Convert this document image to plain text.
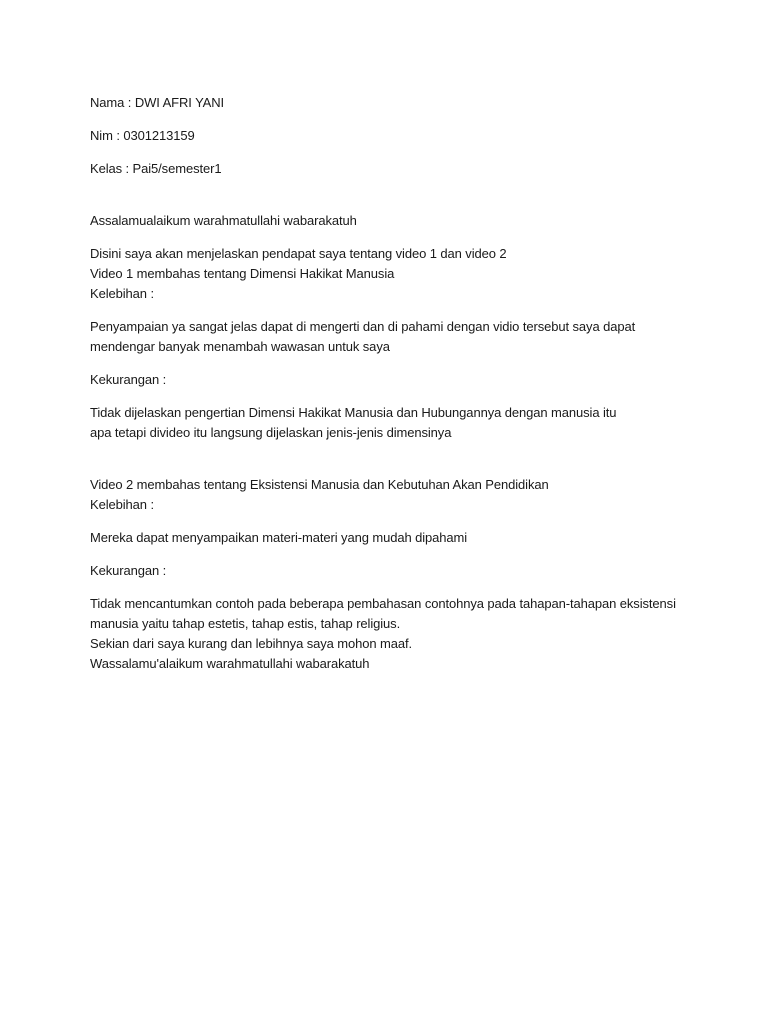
Nama : DWI AFRI YANI
Nim : 0301213159
Kelas : Pai5/semester1
Assalamualaikum warahmatullahi wabarakatuh
Disini saya akan menjelaskan pendapat saya tentang video 1 dan video 2
Video 1 membahas tentang Dimensi Hakikat Manusia
Kelebihan :
Penyampaian ya sangat jelas dapat di mengerti dan di pahami dengan vidio tersebut saya dapat
mendengar banyak menambah wawasan untuk saya
Kekurangan :
Tidak dijelaskan pengertian Dimensi Hakikat Manusia dan Hubungannya dengan manusia itu
apa tetapi divideo itu langsung dijelaskan jenis-jenis dimensinya
Video 2 membahas tentang Eksistensi Manusia dan Kebutuhan Akan Pendidikan
Kelebihan :
Mereka dapat menyampaikan materi-materi yang mudah dipahami
Kekurangan :
Tidak mencantumkan contoh pada beberapa pembahasan contohnya pada tahapan-tahapan eksistensi
manusia yaitu tahap estetis, tahap estis, tahap religius.
Sekian dari saya kurang dan lebihnya saya mohon maaf.
Wassalamu'alaikum warahmatullahi wabarakatuh
